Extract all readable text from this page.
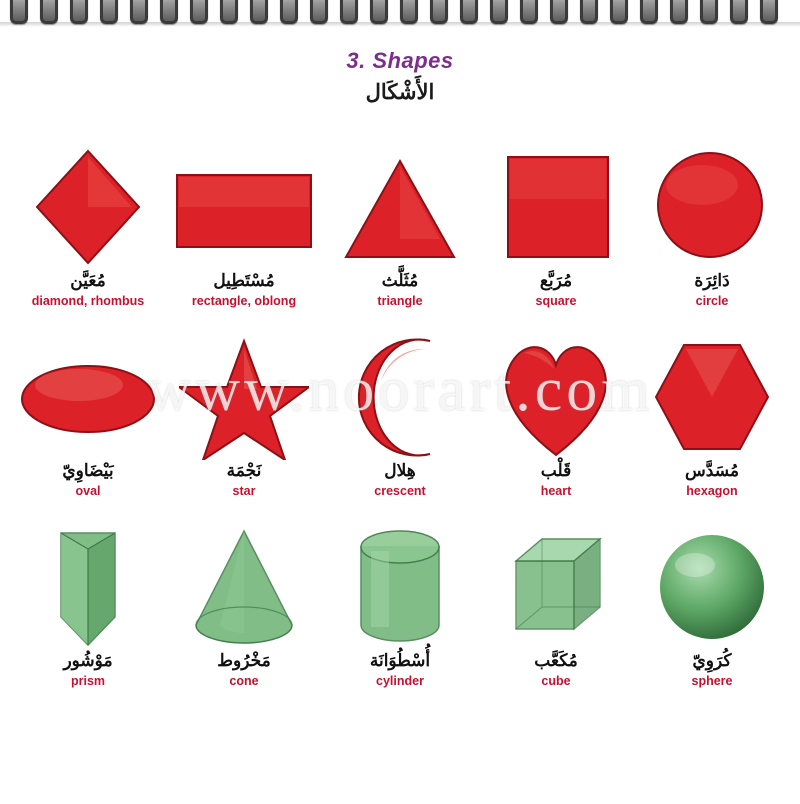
3. Shapes
الأَشْكَال
مُعَيَّن
diamond, rhombus
مُسْتَطِيل
rectangle, oblong
مُثَلَّث
triangle
مُرَبَّع
square
دَائِرَة
circle
بَيْضَاوِيّ
oval
نَجْمَة
star
هِلال
crescent
قَلْب
heart
مُسَدَّس
hexagon
مَوْشُور
prism
مَخْرُوط
cone
أُسْطُوَانَة
cylinder
مُكَعَّب
cube
كُرَوِيّ
sphere
www.noorart.com
